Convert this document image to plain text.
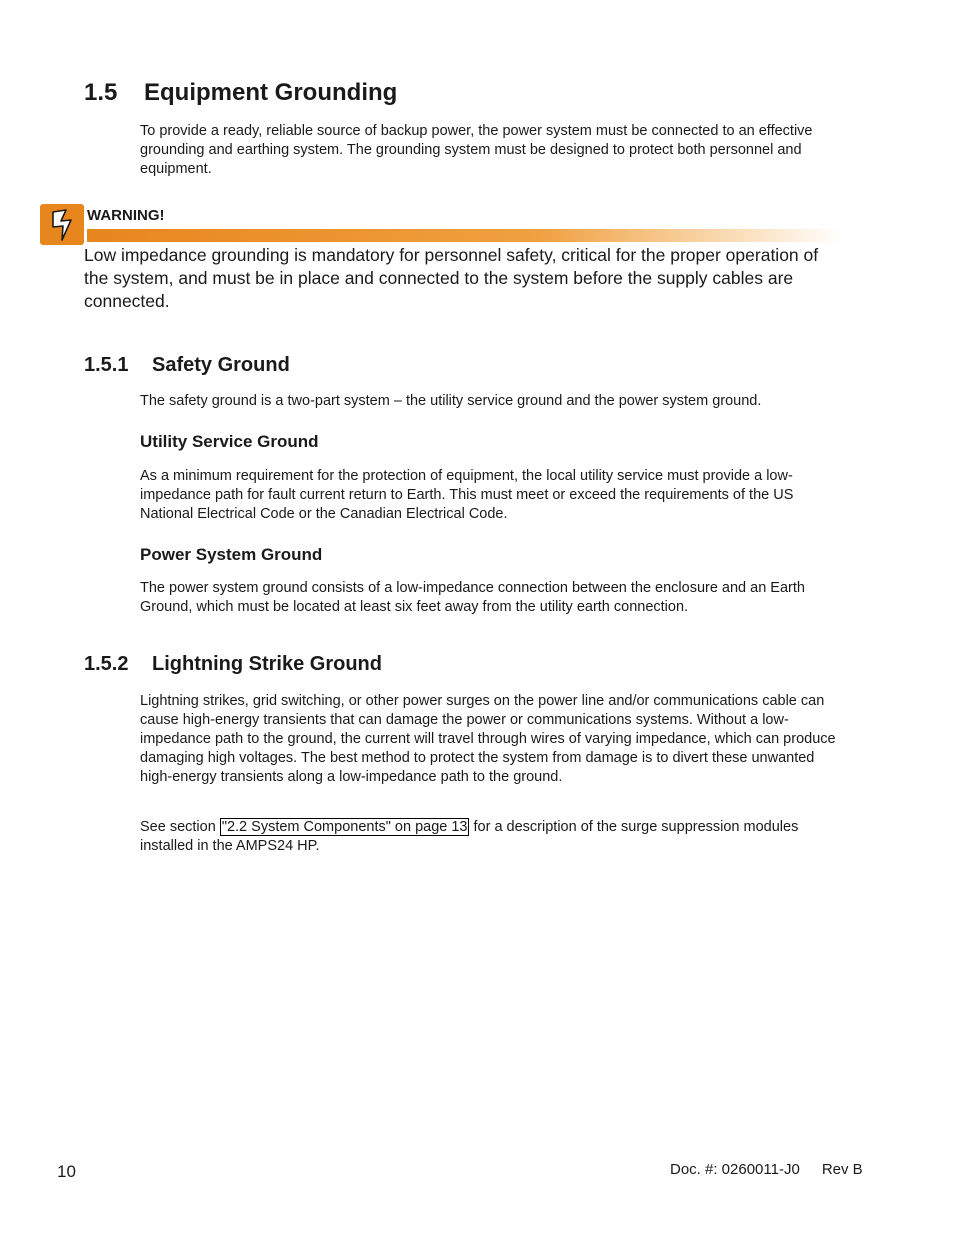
1.5 Equipment Grounding
To provide a ready, reliable source of backup power, the power system must be connected to an effective grounding and earthing system. The grounding system must be designed to protect both personnel and equipment.
WARNING!
Low impedance grounding is mandatory for personnel safety, critical for the proper operation of the system, and must be in place and connected to the system before the supply cables are connected.
1.5.1 Safety Ground
The safety ground is a two-part system – the utility service ground and the power system ground.
Utility Service Ground
As a minimum requirement for the protection of equipment, the local utility service must provide a low-impedance path for fault current return to Earth. This must meet or exceed the requirements of the US National Electrical Code or the Canadian Electrical Code.
Power System Ground
The power system ground consists of a low-impedance connection between the enclosure and an Earth Ground, which must be located at least six feet away from the utility earth connection.
1.5.2 Lightning Strike Ground
Lightning strikes, grid switching, or other power surges on the power line and/or communications cable can cause high-energy transients that can damage the power or communications systems. Without a low-impedance path to the ground, the current will travel through wires of varying impedance, which can produce damaging high voltages. The best method to protect the system from damage is to divert these unwanted high-energy transients along a low-impedance path to the ground.
See section "2.2 System Components" on page 13 for a description of the surge suppression modules installed in the AMPS24 HP.
10	Doc. #: 0260011-J0 Rev B
